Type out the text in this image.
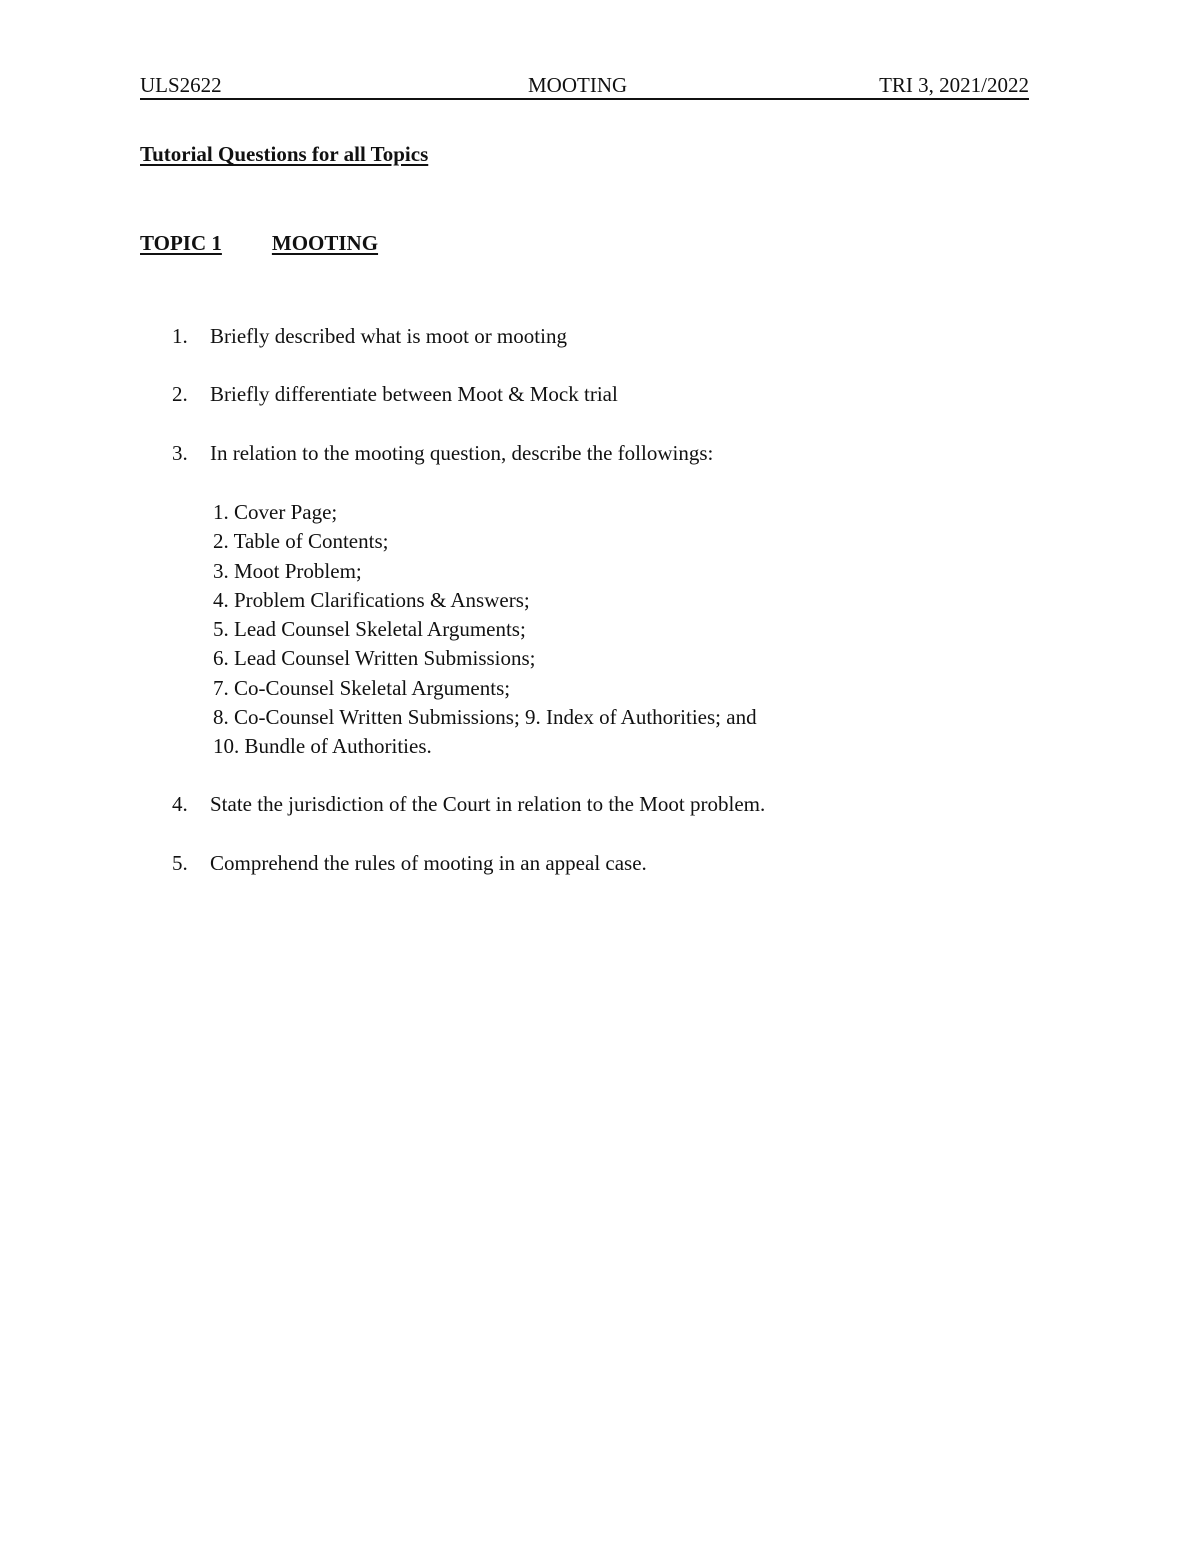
ULS2622	MOOTING	TRI 3, 2021/2022
Tutorial Questions for all Topics
TOPIC 1 MOOTING
1. Briefly described what is moot or mooting
2. Briefly differentiate between Moot & Mock trial
3. In relation to the mooting question, describe the followings:
1. Cover Page;
2. Table of Contents;
3. Moot Problem;
4. Problem Clarifications & Answers;
5. Lead Counsel Skeletal Arguments;
6. Lead Counsel Written Submissions;
7. Co-Counsel Skeletal Arguments;
8. Co-Counsel Written Submissions; 9. Index of Authorities; and
10. Bundle of Authorities.
4. State the jurisdiction of the Court in relation to the Moot problem.
5. Comprehend the rules of mooting in an appeal case.
